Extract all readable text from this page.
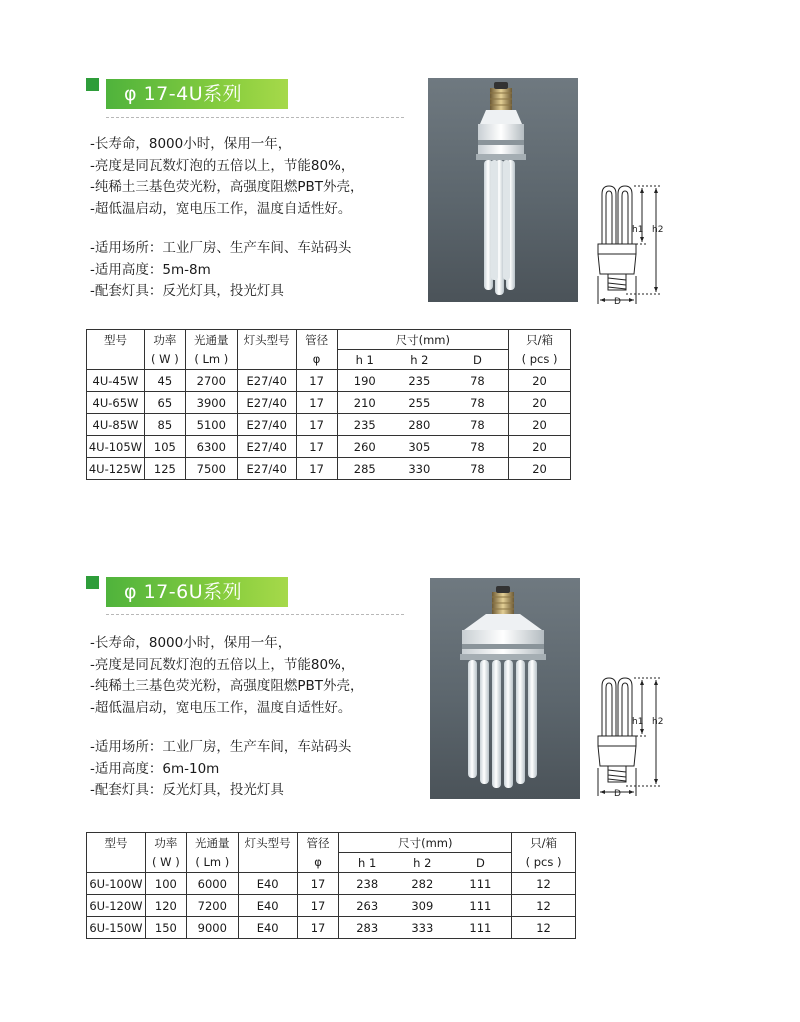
φ 17-4U系列
-长寿命，8000小时，保用一年，
-亮度是同瓦数灯泡的五倍以上，节能80%，
-纯稀土三基色荧光粉，高强度阻燃PBT外壳，
-超低温启动，宽电压工作，温度自适性好。
-适用场所：工业厂房、生产车间、车站码头
-适用高度：5m-8m
-配套灯具：反光灯具，投光灯具
h1 h2
D
型号	功率	光通量	灯头型号	管径	尺寸(mm)			只/箱
	( W )	( Lm )		φ	h 1	h 2	D	( pcs )
4U-45W	45	2700	E27/40	17	190	235	78	20
4U-65W	65	3900	E27/40	17	210	255	78	20
4U-85W	85	5100	E27/40	17	235	280	78	20
4U-105W	105	6300	E27/40	17	260	305	78	20
4U-125W	125	7500	E27/40	17	285	330	78	20
φ 17-6U系列
-长寿命，8000小时，保用一年，
-亮度是同瓦数灯泡的五倍以上，节能80%，
-纯稀土三基色荧光粉，高强度阻燃PBT外壳，
-超低温启动，宽电压工作，温度自适性好。
-适用场所：工业厂房，生产车间，车站码头
-适用高度：6m-10m
-配套灯具：反光灯具，投光灯具
h1 h2
D
型号	功率	光通量	灯头型号	管径	尺寸(mm)			只/箱
	( W )	( Lm )		φ	h 1	h 2	D	( pcs )
6U-100W	100	6000	E40	17	238	282	111	12
6U-120W	120	7200	E40	17	263	309	111	12
6U-150W	150	9000	E40	17	283	333	111	12
